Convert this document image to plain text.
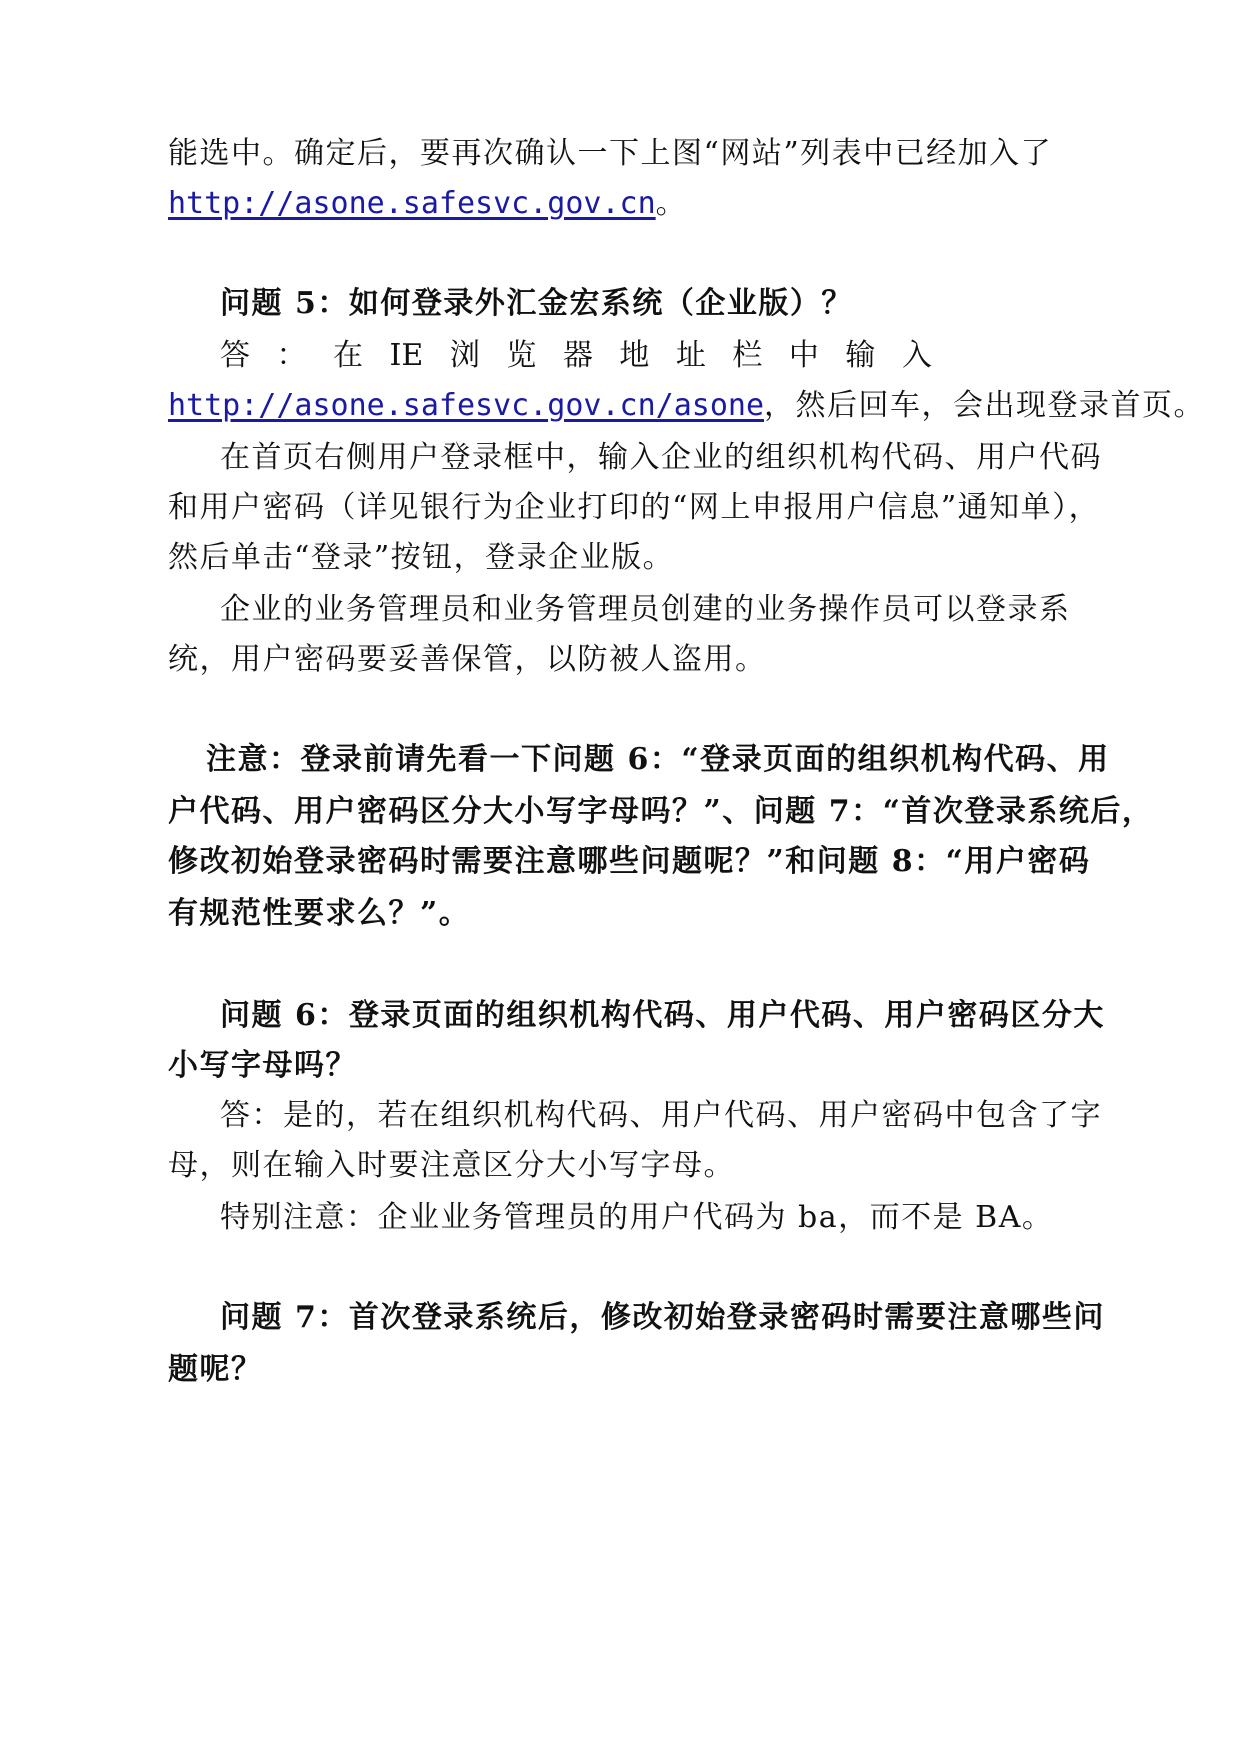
能选中。确定后，要再次确认一下上图“网站”列表中已经加入了
http://asone.safesvc.gov.cn。
问题 5：如何登录外汇金宏系统（企业版）？
答 ： 在 IE 浏 览 器 地 址 栏 中 输 入
http://asone.safesvc.gov.cn/asone，然后回车，会出现登录首页。
在首页右侧用户登录框中，输入企业的组织机构代码、用户代码
和用户密码（详见银行为企业打印的“网上申报用户信息”通知单），
然后单击“登录”按钮，登录企业版。
企业的业务管理员和业务管理员创建的业务操作员可以登录系
统，用户密码要妥善保管，以防被人盗用。
注意：登录前请先看一下问题 6：“登录页面的组织机构代码、用
户代码、用户密码区分大小写字母吗？”、问题 7：“首次登录系统后，
修改初始登录密码时需要注意哪些问题呢？”和问题 8：“用户密码
有规范性要求么？”。
问题 6：登录页面的组织机构代码、用户代码、用户密码区分大
小写字母吗？
答：是的，若在组织机构代码、用户代码、用户密码中包含了字
母，则在输入时要注意区分大小写字母。
特别注意：企业业务管理员的用户代码为 ba，而不是 BA。
问题 7：首次登录系统后，修改初始登录密码时需要注意哪些问
题呢？
